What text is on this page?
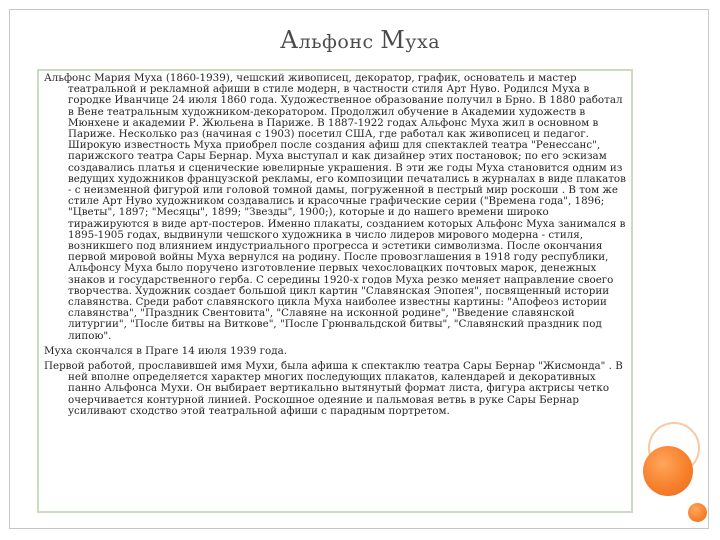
Альфонс Муха

Альфонс Мария Муха (1860-1939), чешский живописец, декоратор, график, основатель и мастер театральной и рекламной афиши в стиле модерн, в частности стиля Арт Нуво. Родился Муха в городке Иванчице 24 июля 1860 года. Художественное образование получил в Брно. В 1880 работал в Вене театральным художником-декоратором. Продолжил обучение в Академии художеств в Мюнхене и академии Р. Жюльена в Париже. В 1887-1922 годах Альфонс Муха жил в основном в Париже. Несколько раз (начиная с 1903) посетил США, где работал как живописец и педагог. Широкую известность Муха приобрел после создания афиш для спектаклей театра "Ренессанс", парижского театра Сары Бернар. Муха выступал и как дизайнер этих постановок; по его эскизам создавались платья и сценические ювелирные украшения. В эти же годы Муха становится одним из ведущих художников французской рекламы, его композиции печатались в журналах в виде плакатов - с неизменной фигурой или головой томной дамы, погруженной в пестрый мир роскоши . В том же стиле Арт Нуво художником создавались и красочные графические серии ("Времена года", 1896; "Цветы", 1897; "Месяцы", 1899; "Звезды", 1900;), которые и до нашего времени широко тиражируются в виде арт-постеров. Именно плакаты, созданием которых Альфонс Муха занимался в 1895-1905 годах, выдвинули чешского художника в число лидеров мирового модерна - стиля, возникшего под влиянием индустриального прогресса и эстетики символизма. После окончания первой мировой войны Муха вернулся на родину. После провозглашения в 1918 году республики, Альфонсу Муха было поручено изготовление первых чехословацких почтовых марок, денежных знаков и государственного герба. С середины 1920-х годов Муха резко меняет направление своего творчества. Художник создает большой цикл картин "Славянская Эпопея", посвященный истории славянства. Среди работ славянского цикла Муха наиболее известны картины: "Апофеоз истории славянства", "Праздник Свентовита", "Славяне на исконной родине", "Введение славянской литургии", "После битвы на Витковe", "После Грюнвальдской битвы", "Славянский праздник под липою".

Муха скончался в Праге 14 июля 1939 года.

Первой работой, прославившей имя Мухи, была афиша к спектаклю театра Сары Бернар "Жисмонда" . В ней вполне определяется характер многих последующих плакатов, календарей и декоративных панно Альфонса Мухи. Он выбирает вертикально вытянутый формат листа, фигура актрисы четко очерчивается контурной линией. Роскошное одеяние и пальмовая ветвь в руке Сары Бернар усиливают сходство этой театральной афиши с парадным портретом.
